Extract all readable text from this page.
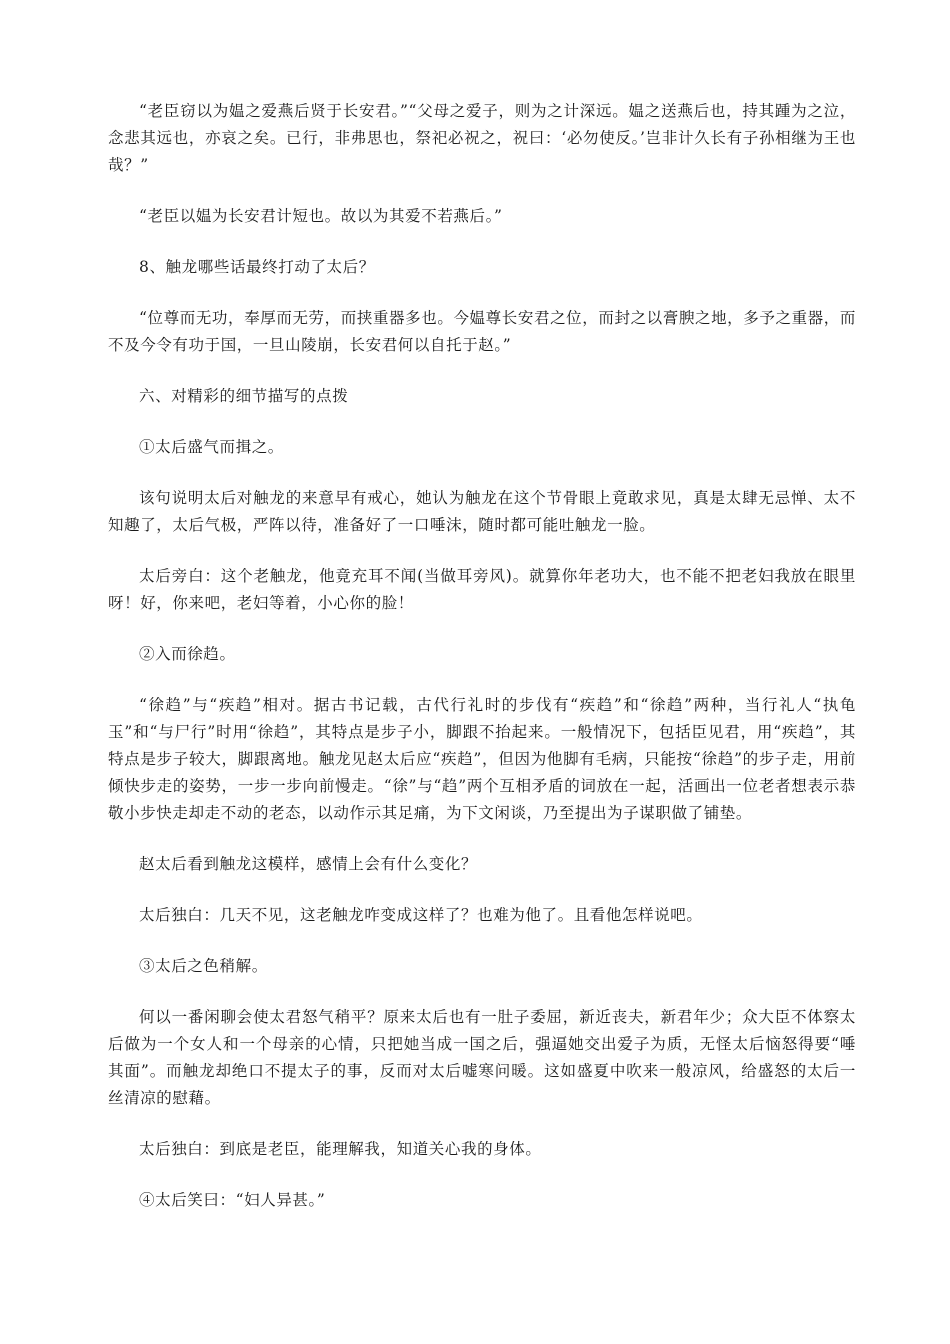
“老臣窃以为媪之爱燕后贤于长安君。”“父母之爱子，则为之计深远。媪之送燕后也，持其踵为之泣，念悲其远也，亦哀之矣。已行，非弗思也，祭祀必祝之，祝曰：‘必勿使反。’岂非计久长有子孙相继为王也哉？”

“老臣以媪为长安君计短也。故以为其爱不若燕后。”

8、触龙哪些话最终打动了太后？

“位尊而无功，奉厚而无劳，而挟重器多也。今媪尊长安君之位，而封之以膏腴之地，多予之重器，而不及今令有功于国，一旦山陵崩，长安君何以自托于赵。”

六、对精彩的细节描写的点拨

①太后盛气而揖之。

该句说明太后对触龙的来意早有戒心，她认为触龙在这个节骨眼上竟敢求见，真是太肆无忌惮、太不知趣了，太后气极，严阵以待，准备好了一口唾沫，随时都可能吐触龙一脸。

太后旁白：这个老触龙，他竟充耳不闻(当做耳旁风)。就算你年老功大，也不能不把老妇我放在眼里呀！好，你来吧，老妇等着，小心你的脸！

②入而徐趋。

“徐趋”与“疾趋”相对。据古书记载，古代行礼时的步伐有“疾趋”和“徐趋”两种，当行礼人“执龟玉”和“与尸行”时用“徐趋”，其特点是步子小，脚跟不抬起来。一般情况下，包括臣见君，用“疾趋”，其特点是步子较大，脚跟离地。触龙见赵太后应“疾趋”，但因为他脚有毛病，只能按“徐趋”的步子走，用前倾快步走的姿势，一步一步向前慢走。“徐”与“趋”两个互相矛盾的词放在一起，活画出一位老者想表示恭敬小步快走却走不动的老态，以动作示其足痛，为下文闲谈，乃至提出为子谋职做了铺垫。

赵太后看到触龙这模样，感情上会有什么变化？

太后独白：几天不见，这老触龙咋变成这样了？也难为他了。且看他怎样说吧。

③太后之色稍解。

何以一番闲聊会使太君怒气稍平？原来太后也有一肚子委屈，新近丧夫，新君年少；众大臣不体察太后做为一个女人和一个母亲的心情，只把她当成一国之后，强逼她交出爱子为质，无怪太后恼怒得要“唾其面”。而触龙却绝口不提太子的事，反而对太后嘘寒问暖。这如盛夏中吹来一般凉风，给盛怒的太后一丝清凉的慰藉。

太后独白：到底是老臣，能理解我，知道关心我的身体。

④太后笑曰：“妇人异甚。”
